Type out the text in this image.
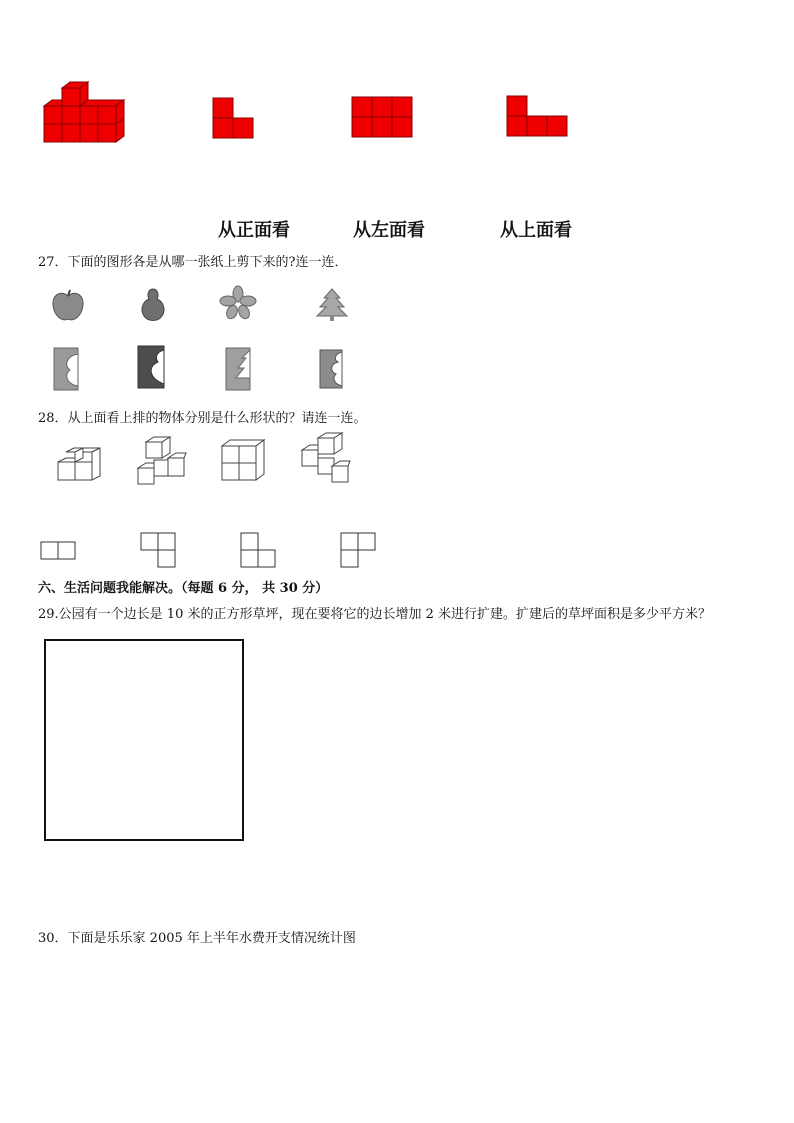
从正面看	从左面看	从上面看
27．下面的图形各是从哪一张纸上剪下来的?连一连．
28．从上面看上排的物体分别是什么形状的？请连一连。
六、生活问题我能解决。（每题 6 分， 共 30 分）
29.公园有一个边长是 10 米的正方形草坪，现在要将它的边长增加 2 米进行扩建。扩建后的草坪面积是多少平方米？
30．下面是乐乐家 2005 年上半年水费开支情况统计图
